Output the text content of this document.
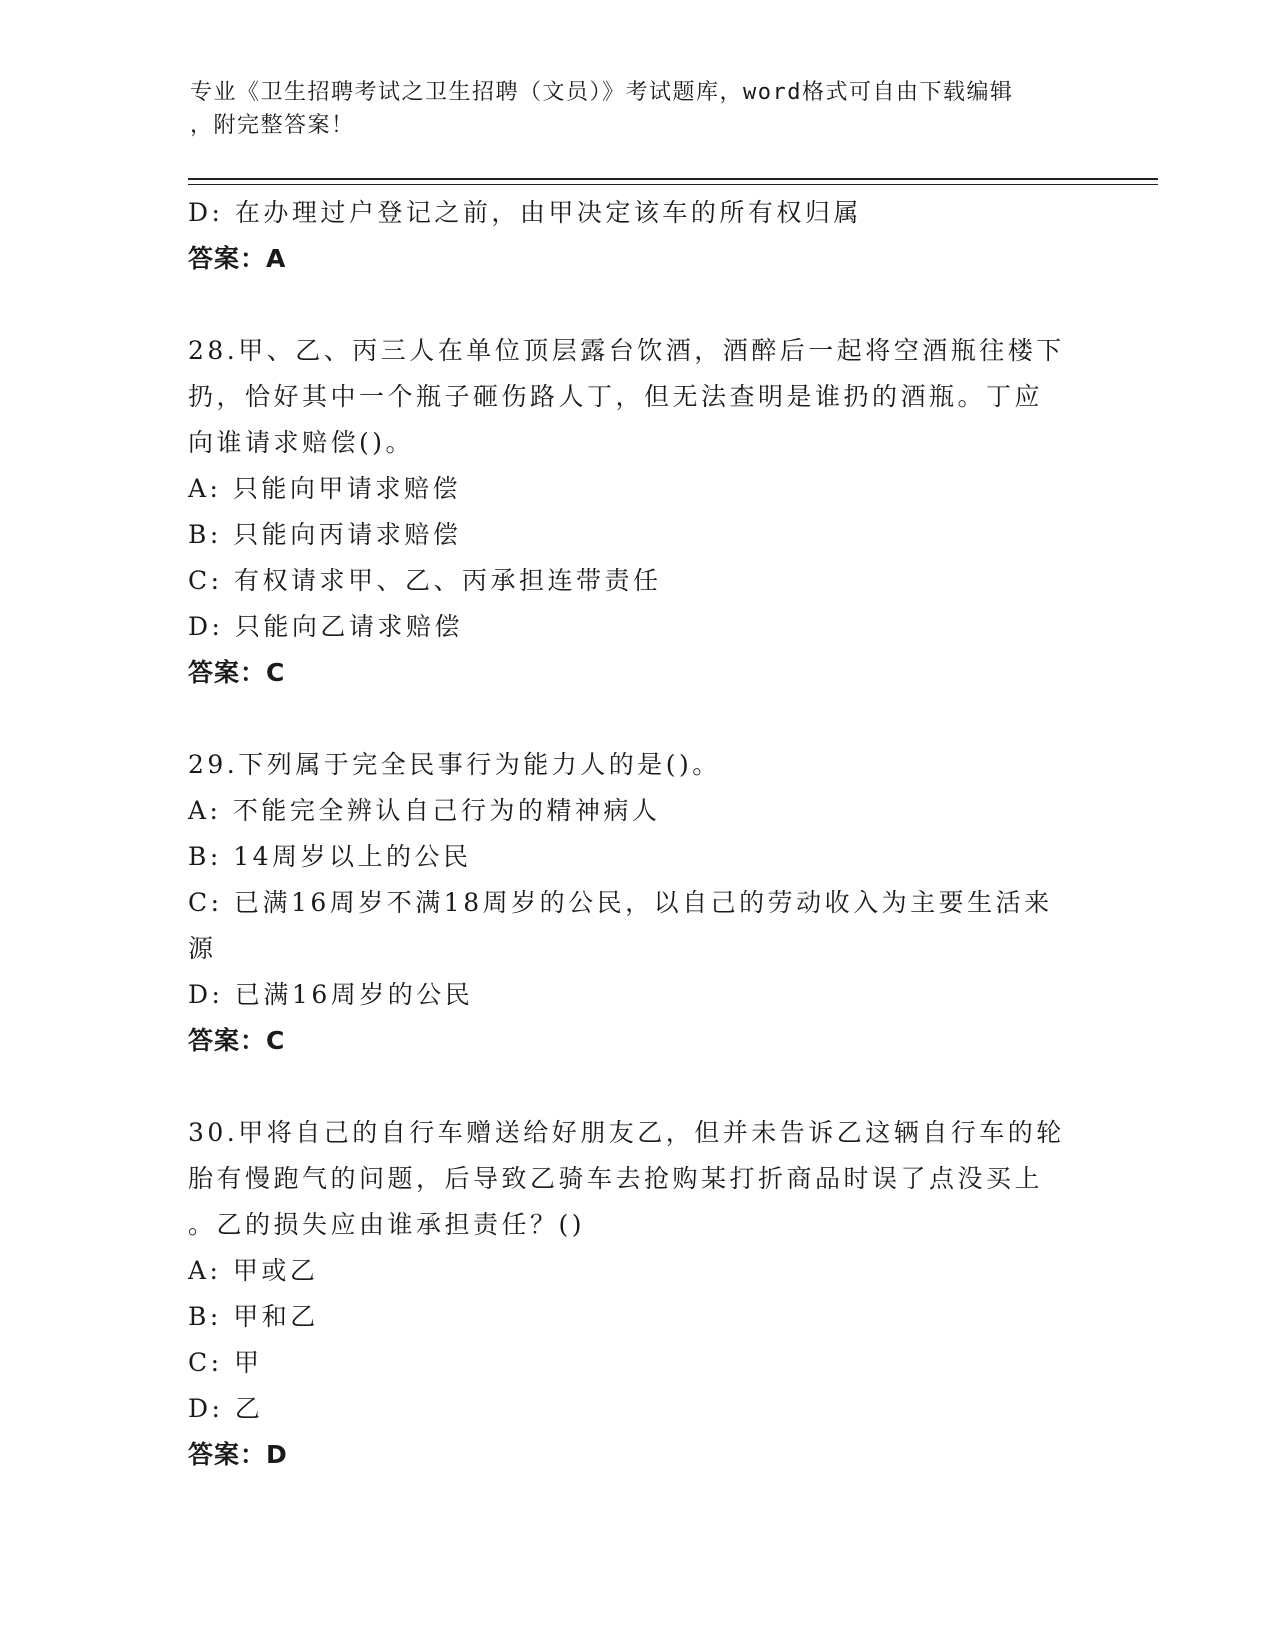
专业《卫生招聘考试之卫生招聘（文员）》考试题库，word格式可自由下载编辑
，附完整答案！
D: 在办理过户登记之前，由甲决定该车的所有权归属
答案：A
28.甲、乙、丙三人在单位顶层露台饮酒，酒醉后一起将空酒瓶往楼下
扔，恰好其中一个瓶子砸伤路人丁，但无法查明是谁扔的酒瓶。丁应
向谁请求赔偿()。
A: 只能向甲请求赔偿
B: 只能向丙请求赔偿
C: 有权请求甲、乙、丙承担连带责任
D: 只能向乙请求赔偿
答案：C
29.下列属于完全民事行为能力人的是()。
A: 不能完全辨认自己行为的精神病人
B: 14周岁以上的公民
C: 已满16周岁不满18周岁的公民，以自己的劳动收入为主要生活来
源
D: 已满16周岁的公民
答案：C
30.甲将自己的自行车赠送给好朋友乙，但并未告诉乙这辆自行车的轮
胎有慢跑气的问题，后导致乙骑车去抢购某打折商品时误了点没买上
。乙的损失应由谁承担责任？()
A: 甲或乙
B: 甲和乙
C: 甲
D: 乙
答案：D
